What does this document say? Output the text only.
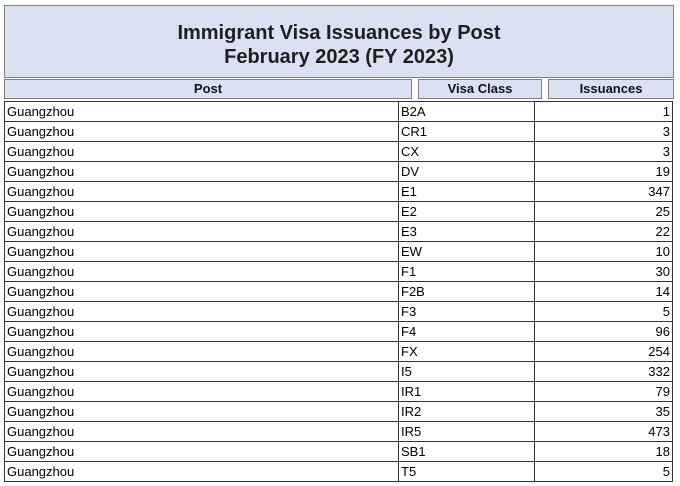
Immigrant Visa Issuances by Post
February 2023 (FY 2023)
Post	Visa Class	Issuances
Guangzhou	B2A	1
Guangzhou	CR1	3
Guangzhou	CX	3
Guangzhou	DV	19
Guangzhou	E1	347
Guangzhou	E2	25
Guangzhou	E3	22
Guangzhou	EW	10
Guangzhou	F1	30
Guangzhou	F2B	14
Guangzhou	F3	5
Guangzhou	F4	96
Guangzhou	FX	254
Guangzhou	I5	332
Guangzhou	IR1	79
Guangzhou	IR2	35
Guangzhou	IR5	473
Guangzhou	SB1	18
Guangzhou	T5	5
